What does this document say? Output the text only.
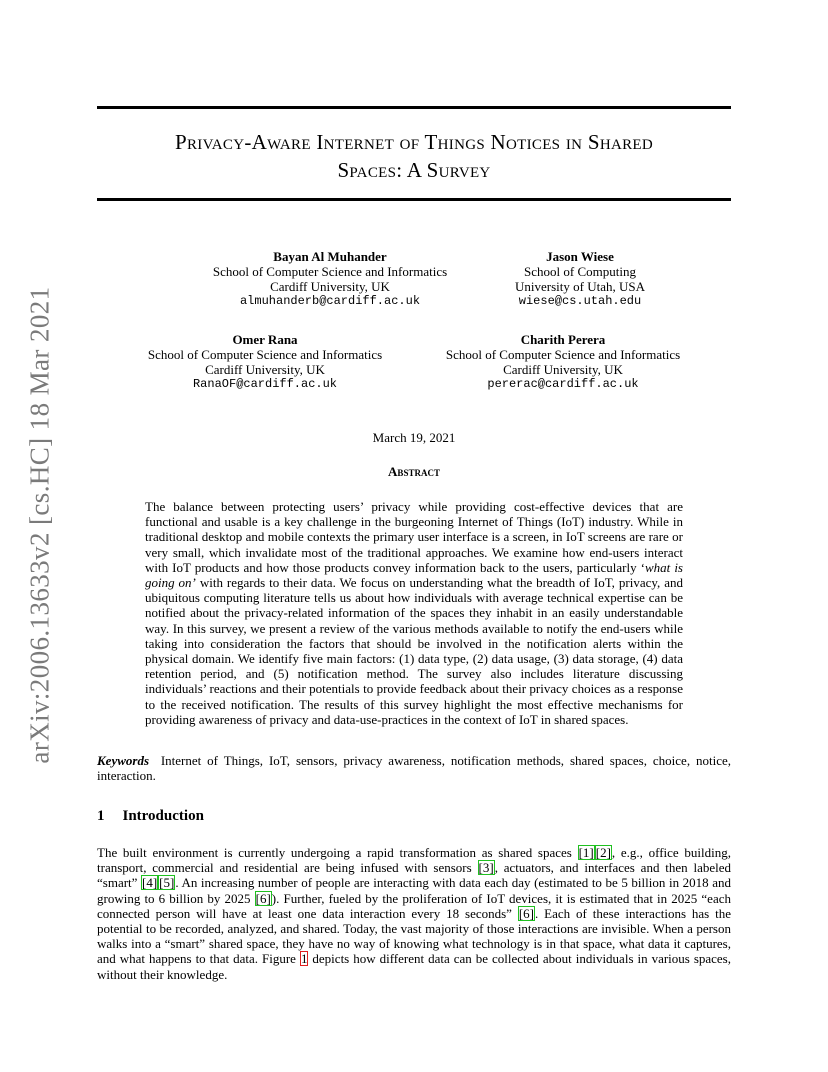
arXiv:2006.13633v2 [cs.HC] 18 Mar 2021
Privacy-Aware Internet of Things Notices in Shared
Spaces: A Survey
Bayan Al Muhander
School of Computer Science and Informatics
Cardiff University, UK
almuhanderb@cardiff.ac.uk
Jason Wiese
School of Computing
University of Utah, USA
wiese@cs.utah.edu
Omer Rana
School of Computer Science and Informatics
Cardiff University, UK
RanaOF@cardiff.ac.uk
Charith Perera
School of Computer Science and Informatics
Cardiff University, UK
pererac@cardiff.ac.uk
March 19, 2021
Abstract

The balance between protecting users’ privacy while providing cost-effective devices that are functional and usable is a key challenge in the burgeoning Internet of Things (IoT) industry. While in traditional desktop and mobile contexts the primary user interface is a screen, in IoT screens are rare or very small, which invalidate most of the traditional approaches. We examine how end-users interact with IoT products and how those products convey information back to the users, particularly ‘what is going on’ with regards to their data. We focus on understanding what the breadth of IoT, privacy, and ubiquitous computing literature tells us about how individuals with average technical expertise can be notified about the privacy-related information of the spaces they inhabit in an easily understandable way. In this survey, we present a review of the various methods available to notify the end-users while taking into consideration the factors that should be involved in the notification alerts within the physical domain. We identify five main factors: (1) data type, (2) data usage, (3) data storage, (4) data retention period, and (5) notification method. The survey also includes literature discussing individuals’ reactions and their potentials to provide feedback about their privacy choices as a response to the received notification. The results of this survey highlight the most effective mechanisms for providing awareness of privacy and data-use-practices in the context of IoT in shared spaces.

Keywords Internet of Things, IoT, sensors, privacy awareness, notification methods, shared spaces, choice, notice, interaction.

1 Introduction

The built environment is currently undergoing a rapid transformation as shared spaces [1] [2], e.g., office building, transport, commercial and residential are being infused with sensors [3], actuators, and interfaces and then labeled “smart” [4] [5]. An increasing number of people are interacting with data each day (estimated to be 5 billion in 2018 and growing to 6 billion by 2025 [6]). Further, fueled by the proliferation of IoT devices, it is estimated that in 2025 “each connected person will have at least one data interaction every 18 seconds” [6]. Each of these interactions has the potential to be recorded, analyzed, and shared. Today, the vast majority of those interactions are invisible. When a person walks into a “smart” shared space, they have no way of knowing what technology is in that space, what data it captures, and what happens to that data. Figure 1 depicts how different data can be collected about individuals in various spaces, without their knowledge.
